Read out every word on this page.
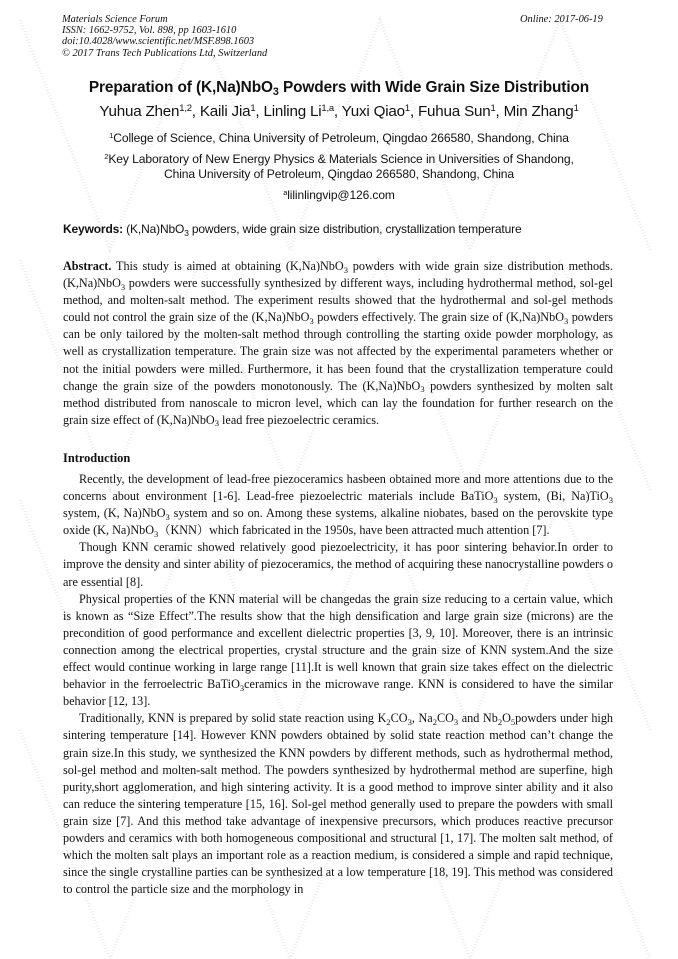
Materials Science Forum
ISSN: 1662-9752, Vol. 898, pp 1603-1610
doi:10.4028/www.scientific.net/MSF.898.1603
© 2017 Trans Tech Publications Ltd, Switzerland
Online: 2017-06-19
Preparation of (K,Na)NbO$_3$ Powders with Wide Grain Size Distribution
Yuhua Zhen$^{1,2}$, Kaili Jia$^1$, Linling Li$^{1,a}$, Yuxi Qiao$^1$, Fuhua Sun$^1$, Min Zhang$^1$
$^1$College of Science, China University of Petroleum, Qingdao 266580, Shandong, China
$^2$Key Laboratory of New Energy Physics & Materials Science in Universities of Shandong,
China University of Petroleum, Qingdao 266580, Shandong, China
$^a$lilinlingvip@126.com
Keywords: (K,Na)NbO$_3$ powders, wide grain size distribution, crystallization temperature

Abstract. This study is aimed at obtaining (K,Na)NbO$_3$ powders with wide grain size distribution methods. (K,Na)NbO$_3$ powders were successfully synthesized by different ways, including hydrothermal method, sol-gel method, and molten-salt method. The experiment results showed that the hydrothermal and sol-gel methods could not control the grain size of the (K,Na)NbO$_3$ powders effectively. The grain size of (K,Na)NbO$_3$ powders can be only tailored by the molten-salt method through controlling the starting oxide powder morphology, as well as crystallization temperature. The grain size was not affected by the experimental parameters whether or not the initial powders were milled. Furthermore, it has been found that the crystallization temperature could change the grain size of the powders monotonously. The (K,Na)NbO$_3$ powders synthesized by molten salt method distributed from nanoscale to micron level, which can lay the foundation for further research on the grain size effect of (K,Na)NbO$_3$ lead free piezoelectric ceramics.

Introduction

Recently, the development of lead-free piezoceramics hasbeen obtained more and more attentions due to the concerns about environment [1-6]. Lead-free piezoelectric materials include BaTiO$_3$ system, (Bi, Na)TiO$_3$ system, (K, Na)NbO$_3$ system and so on. Among these systems, alkaline niobates, based on the perovskite type oxide (K, Na)NbO$_3$（KNN）which fabricated in the 1950s, have been attracted much attention [7].

Though KNN ceramic showed relatively good piezoelectricity, it has poor sintering behavior.In order to improve the density and sinter ability of piezoceramics, the method of acquiring these nanocrystalline powders o are essential [8].

Physical properties of the KNN material will be changedas the grain size reducing to a certain value, which is known as “Size Effect”.The results show that the high densification and large grain size (microns) are the precondition of good performance and excellent dielectric properties [3, 9, 10]. Moreover, there is an intrinsic connection among the electrical properties, crystal structure and the grain size of KNN system.And the size effect would continue working in large range [11].It is well known that grain size takes effect on the dielectric behavior in the ferroelectric BaTiO$_3$ceramics in the microwave range. KNN is considered to have the similar behavior [12, 13].

Traditionally, KNN is prepared by solid state reaction using $K_2CO_3$, $Na_2CO_3$ and $Nb_2O_5powders$ under high sintering temperature [14]. However KNN powders obtained by solid state reaction method can’t change the grain size.In this study, we synthesized the KNN powders by different methods, such as hydrothermal method, sol-gel method and molten-salt method. The powders synthesized by hydrothermal method are superfine, high purity,short agglomeration, and high sintering activity. It is a good method to improve sinter ability and it also can reduce the sintering temperature [15, 16]. Sol-gel method generally used to prepare the powders with small grain size [7]. And this method take advantage of inexpensive precursors, which produces reactive precursor powders and ceramics with both homogeneous compositional and structural [1, 17]. The molten salt method, of which the molten salt plays an important role as a reaction medium, is considered a simple and rapid technique, since the single crystalline parties can be synthesized at a low temperature [18, 19]. This method was considered to control the particle size and the morphology in
